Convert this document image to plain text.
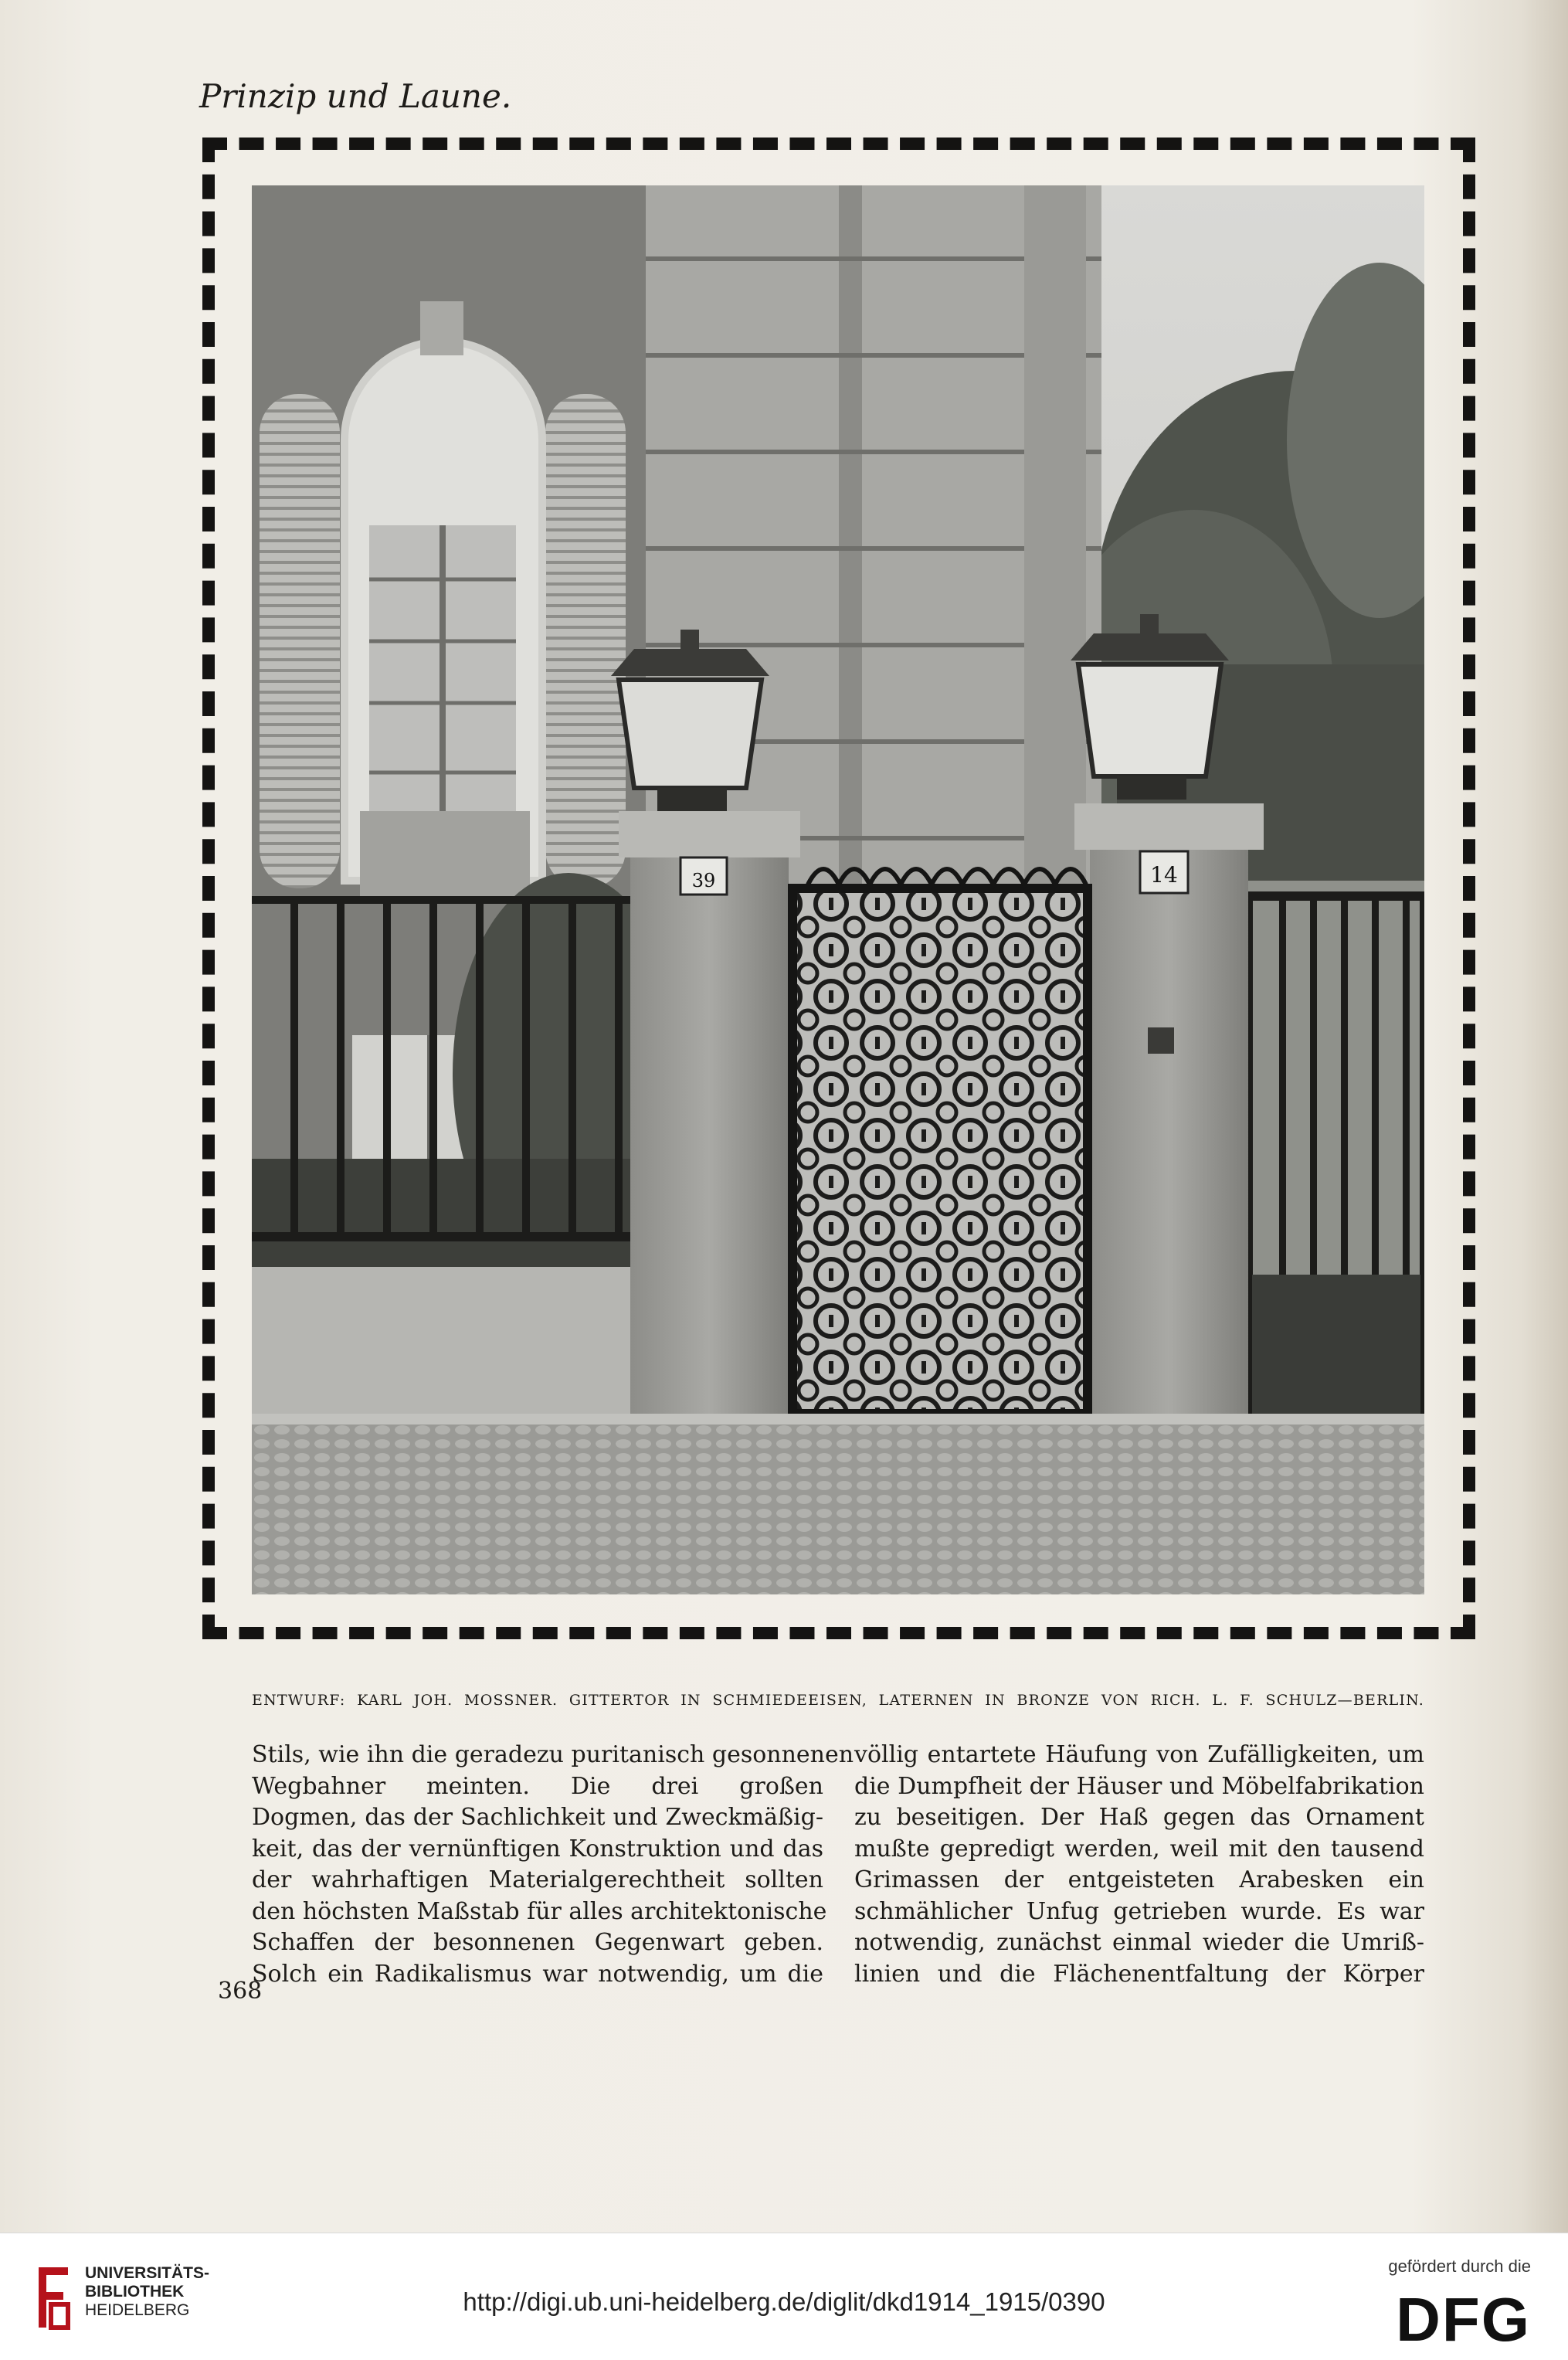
Prinzip und Laune.
39	14
ENTWURF: KARL JOH. MOSSNER. GITTERTOR IN SCHMIEDEEISEN, LATERNEN IN BRONZE VON RICH. L. F. SCHULZ—BERLIN.
Stils, wie ihn die geradezu puritanisch gesonnenen
Wegbahner meinten. Die drei großen
Dogmen, das der Sachlichkeit und Zweckmäßig-
keit, das der vernünftigen Konstruktion und das
der wahrhaftigen Materialgerechtheit sollten
den höchsten Maßstab für alles architektonische
Schaffen der besonnenen Gegenwart geben.
Solch ein Radikalismus war notwendig, um die
völlig entartete Häufung von Zufälligkeiten, um
die Dumpfheit der Häuser und Möbelfabrikation
zu beseitigen. Der Haß gegen das Ornament
mußte gepredigt werden, weil mit den tausend
Grimassen der entgeisteten Arabesken ein
schmählicher Unfug getrieben wurde. Es war
notwendig, zunächst einmal wieder die Umriß-
linien und die Flächenentfaltung der Körper
368
UNIVERSITÄTS-
BIBLIOTHEK
HEIDELBERG	http://digi.ub.uni-heidelberg.de/diglit/dkd1914_1915/0390
gefördert durch die
DFG
